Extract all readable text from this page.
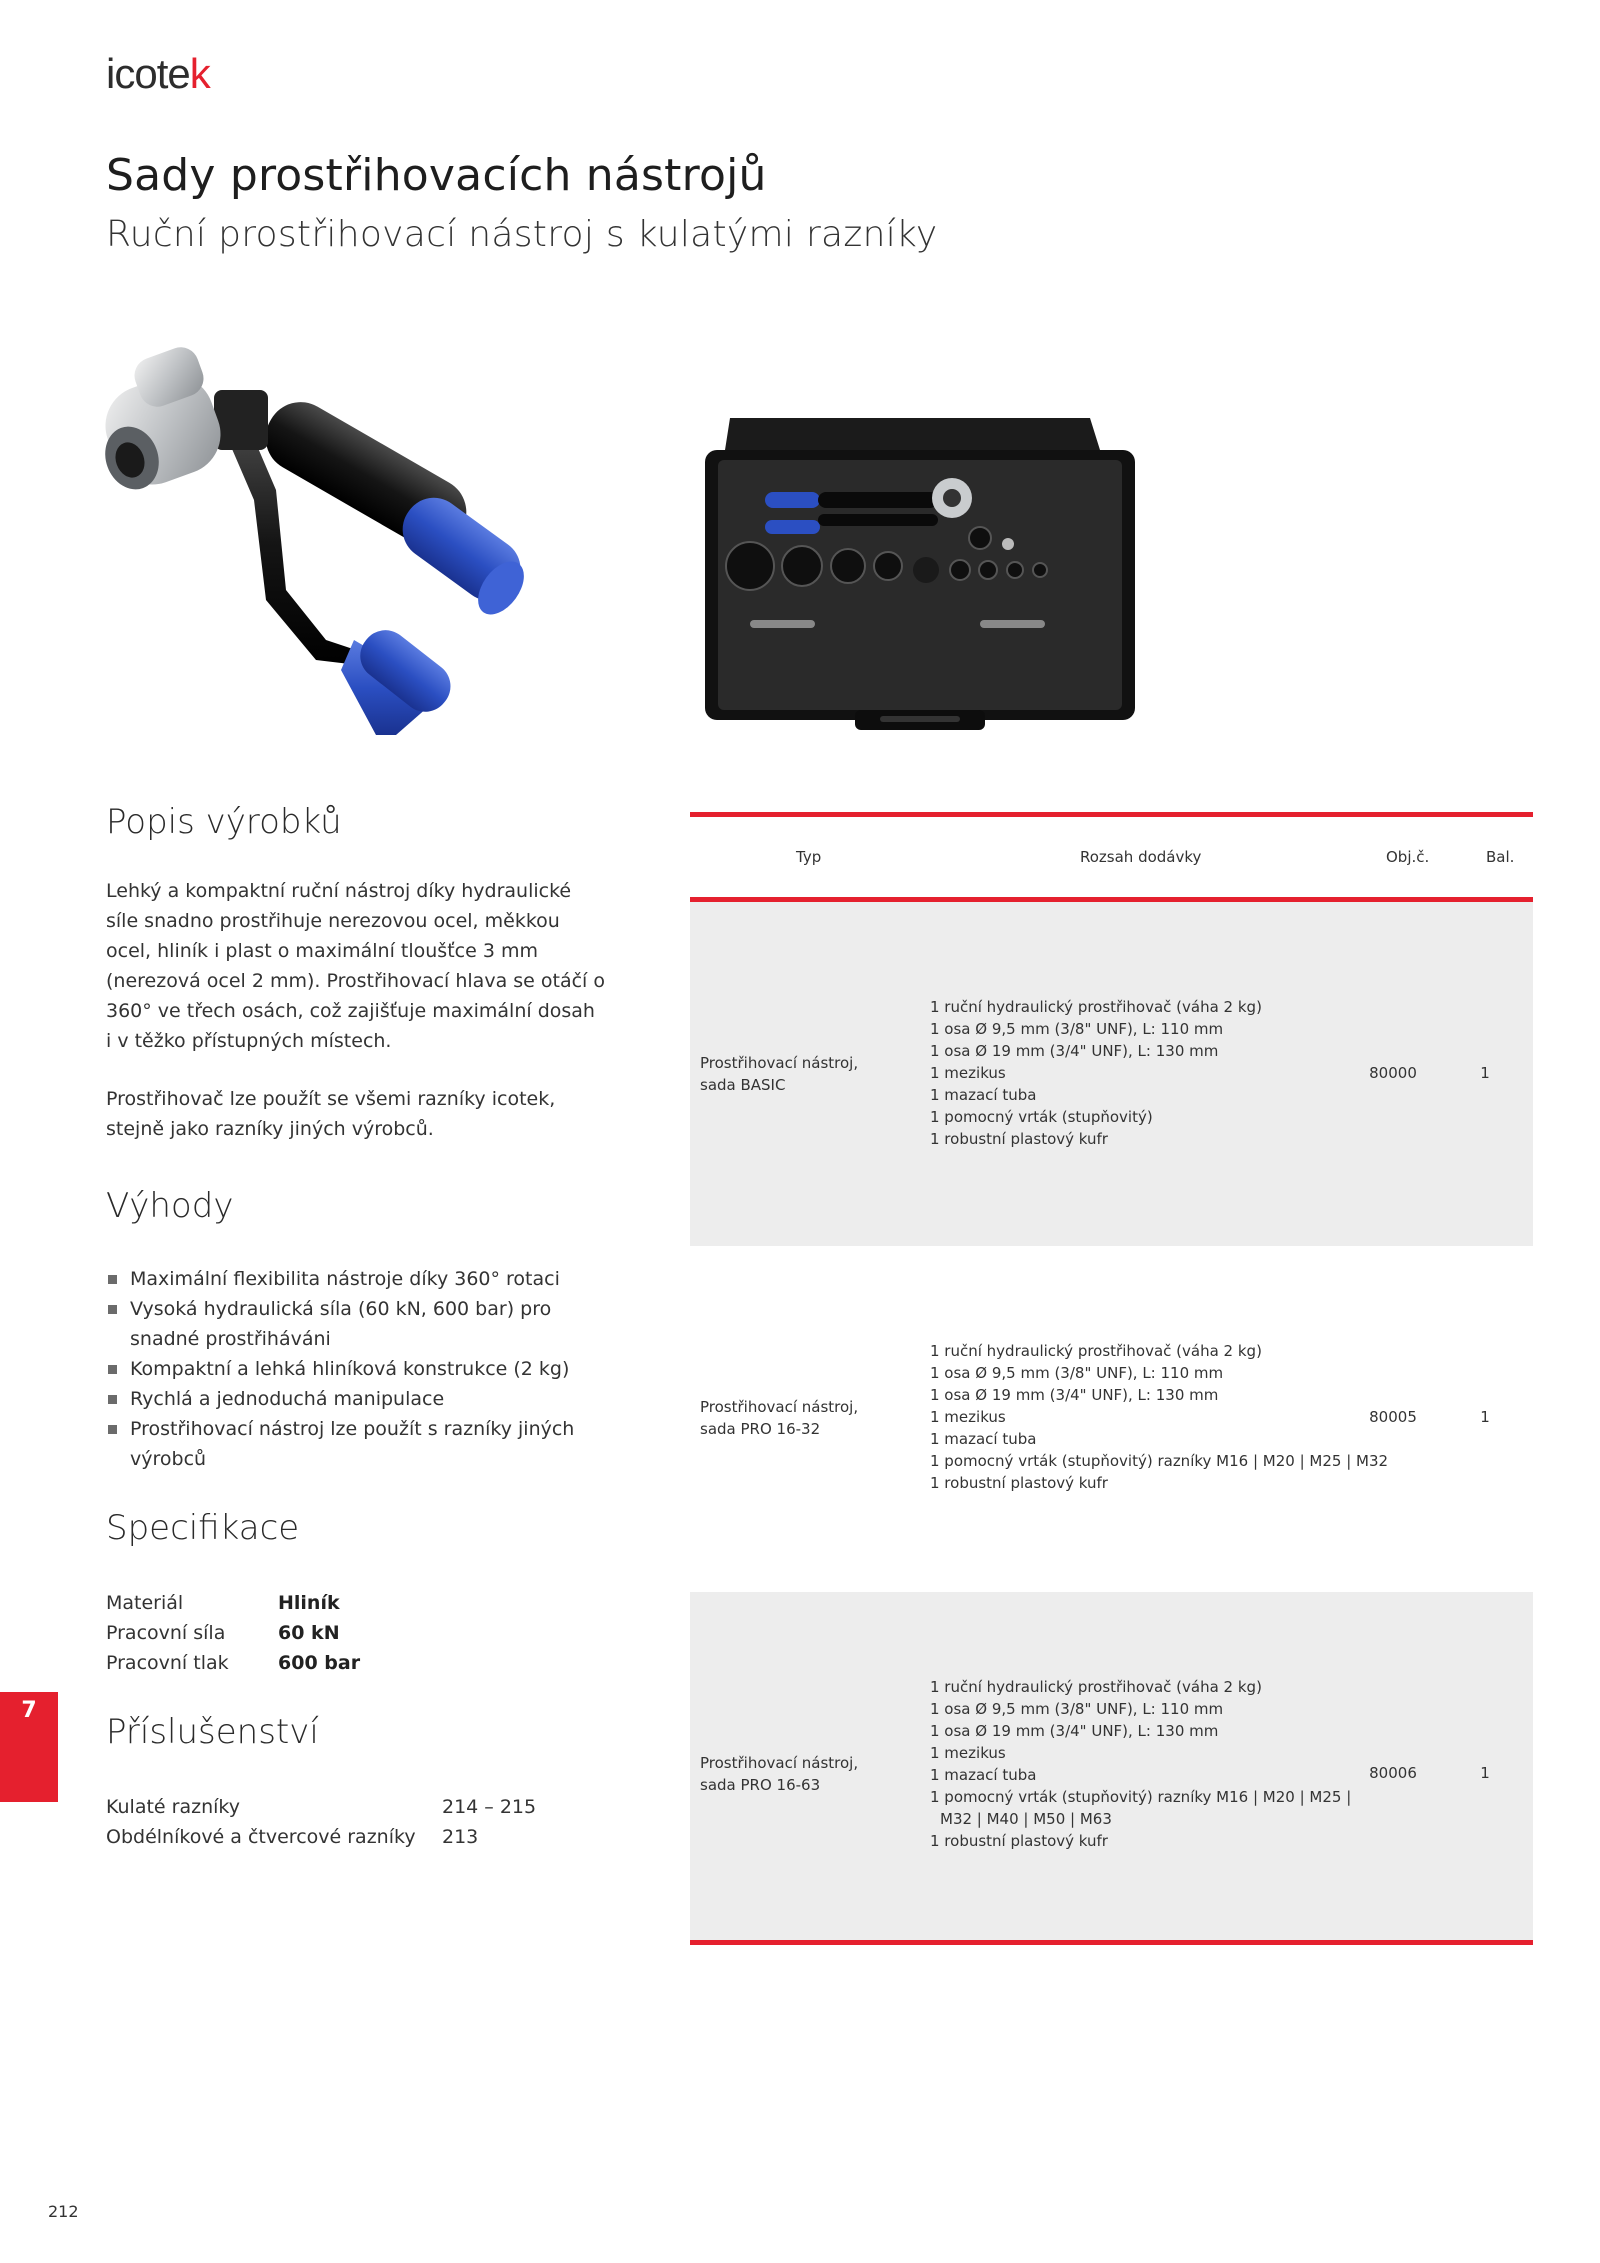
icotek
Sady prostřihovacích nástrojů
Ruční prostřihovací nástroj s kulatými razníky
Popis výrobků

Lehký a kompaktní ruční nástroj díky hydraulické síle snadno prostřihuje nerezovou ocel, měkkou ocel, hliník i plast o maximální tloušťce 3 mm (nerezová ocel 2 mm). Prostřihovací hlava se otáčí o 360° ve třech osách, což zajišťuje maximální dosah i v těžko přístupných místech.

Prostřihovač lze použít se všemi razníky icotek, stejně jako razníky jiných výrobců.

Výhody
Maximální flexibilita nástroje díky 360° rotaci
Vysoká hydraulická síla (60 kN, 600 bar) pro snadné prostřiháváni
Kompaktní a lehká hliníková konstrukce (2 kg)
Rychlá a jednoduchá manipulace
Prostřihovací nástroj lze použít s razníky jiných výrobců
Specifikace
Materiál	Hliník
Pracovní síla	60 kN
Pracovní tlak	600 bar
Příslušenství
Kulaté razníky	214 – 215
Obdélníkové a čtvercové razníky	213
7
212
Typ	Rozsah dodávky	Obj.č.	Bal.
Prostřihovací nástroj,
sada BASIC
1 ruční hydraulický prostřihovač (váha 2 kg)
1 osa Ø 9,5 mm (3/8" UNF), L: 110 mm
1 osa Ø 19 mm (3/4" UNF), L: 130 mm
1 mezikus
1 mazací tuba
1 pomocný vrták (stupňovitý)
1 robustní plastový kufr
80000	1
Prostřihovací nástroj,
sada PRO 16-32
1 ruční hydraulický prostřihovač (váha 2 kg)
1 osa Ø 9,5 mm (3/8" UNF), L: 110 mm
1 osa Ø 19 mm (3/4" UNF), L: 130 mm
1 mezikus
1 mazací tuba
1 pomocný vrták (stupňovitý) razníky M16 | M20 | M25 | M32
1 robustní plastový kufr
80005	1
Prostřihovací nástroj,
sada PRO 16-63
1 ruční hydraulický prostřihovač (váha 2 kg)
1 osa Ø 9,5 mm (3/8" UNF), L: 110 mm
1 osa Ø 19 mm (3/4" UNF), L: 130 mm
1 mezikus
1 mazací tuba
1 pomocný vrták (stupňovitý) razníky M16 | M20 | M25 |
M32 | M40 | M50 | M63
1 robustní plastový kufr
80006	1
